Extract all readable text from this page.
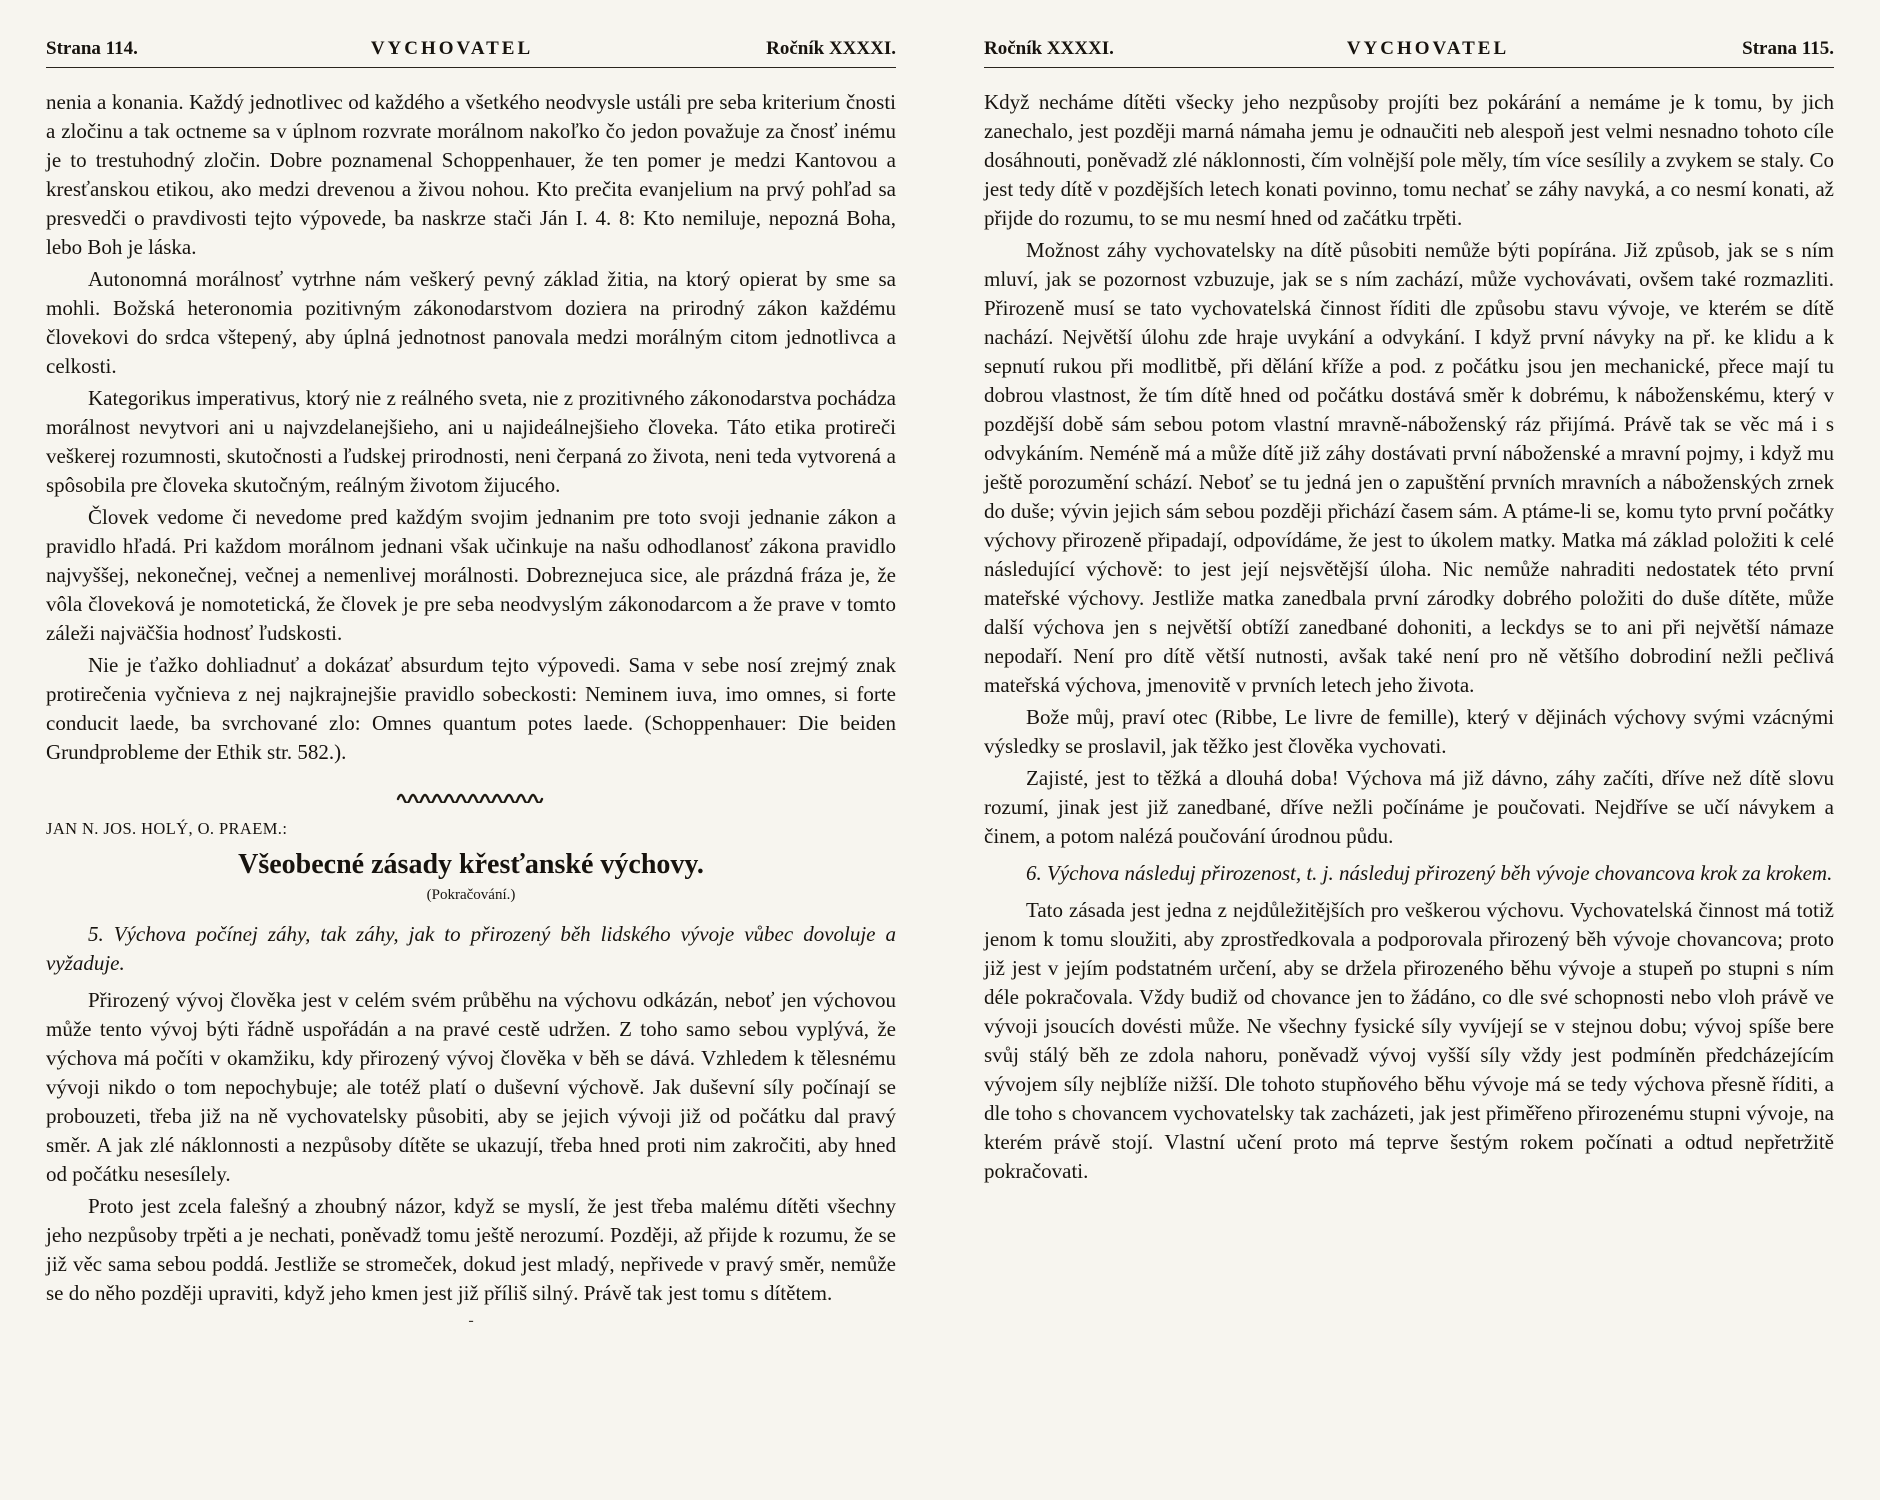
Strana 114.	VYCHOVATEL	Ročník XXXXI.

nenia a konania. Každý jednotlivec od každého a všetkého neodvysle ustáli pre seba kriterium čnosti a zločinu a tak octneme sa v úplnom rozvrate morálnom nakoľko čo jedon považuje za čnosť inému je to trestuhodný zločin. Dobre poznamenal Schoppenhauer, že ten pomer je medzi Kantovou a kresťanskou etikou, ako medzi drevenou a živou nohou. Kto prečita evanjelium na prvý pohľad sa presvedči o pravdivosti tejto výpovede, ba naskrze stači Ján I. 4. 8: Kto nemiluje, nepozná Boha, lebo Boh je láska.

Autonomná morálnosť vytrhne nám veškerý pevný základ žitia, na ktorý opierat by sme sa mohli. Božská heteronomia pozitivným zákonodarstvom doziera na prirodný zákon každému človekovi do srdca vštepený, aby úplná jednotnost panovala medzi morálným citom jednotlivca a celkosti.

Kategorikus imperativus, ktorý nie z reálného sveta, nie z prozitivného zákonodarstva pochádza morálnost nevytvori ani u najvzdelanejšieho, ani u najideálnejšieho človeka. Táto etika protireči veškerej rozumnosti, skutočnosti a ľudskej prirodnosti, neni čerpaná zo života, neni teda vytvorená a spôsobila pre človeka skutočným, reálným životom žijucého.

Človek vedome či nevedome pred každým svojim jednanim pre toto svoji jednanie zákon a pravidlo hľadá. Pri každom morálnom jednani však učinkuje na našu odhodlanosť zákona pravidlo najvyššej, nekonečnej, večnej a nemenlivej morálnosti. Dobreznejuca sice, ale prázdná fráza je, že vôla človeková je nomotetická, že človek je pre seba neodvyslým zákonodarcom a že prave v tomto záleži najväčšia hodnosť ľudskosti.

Nie je ťažko dohliadnuť a dokázať absurdum tejto výpovedi. Sama v sebe nosí zrejmý znak protirečenia vyčnieva z nej najkrajnejšie pravidlo sobeckosti: Neminem iuva, imo omnes, si forte conducit laede, ba svrchované zlo: Omnes quantum potes laede. (Schoppenhauer: Die beiden Grundprobleme der Ethik str. 582.).

JAN N. JOS. HOLÝ, O. PRAEM.:
Všeobecné zásady křesťanské výchovy.
(Pokračování.)

5. Výchova počínej záhy, tak záhy, jak to přirozený běh lidského vývoje vůbec dovoluje a vyžaduje.

Přirozený vývoj člověka jest v celém svém průběhu na výchovu odkázán, neboť jen výchovou může tento vývoj býti řádně uspořádán a na pravé cestě udržen. Z toho samo sebou vyplývá, že výchova má počíti v okamžiku, kdy přirozený vývoj člověka v běh se dává. Vzhledem k tělesnému vývoji nikdo o tom nepochybuje; ale totéž platí o duševní výchově. Jak duševní síly počínají se probouzeti, třeba již na ně vychovatelsky působiti, aby se jejich vývoji již od počátku dal pravý směr. A jak zlé náklonnosti a nezpůsoby dítěte se ukazují, třeba hned proti nim zakročiti, aby hned od počátku nesesílely.

Proto jest zcela falešný a zhoubný názor, když se myslí, že jest třeba malému dítěti všechny jeho nezpůsoby trpěti a je nechati, poněvadž tomu ještě nerozumí. Později, až přijde k rozumu, že se již věc sama sebou poddá. Jestliže se stromeček, dokud jest mladý, nepřivede v pravý směr, nemůže se do něho později upraviti, když jeho kmen jest již příliš silný. Právě tak jest tomu s dítětem.

-
Ročník XXXXI.	VYCHOVATEL	Strana 115.

Když necháme dítěti všecky jeho nezpůsoby projíti bez pokárání a nemáme je k tomu, by jich zanechalo, jest později marná námaha jemu je odnaučiti neb alespoň jest velmi nesnadno tohoto cíle dosáhnouti, poněvadž zlé náklonnosti, čím volnější pole měly, tím více sesílily a zvykem se staly. Co jest tedy dítě v pozdějších letech konati povinno, tomu nechať se záhy navyká, a co nesmí konati, až přijde do rozumu, to se mu nesmí hned od začátku trpěti.

Možnost záhy vychovatelsky na dítě působiti nemůže býti popírána. Již způsob, jak se s ním mluví, jak se pozornost vzbuzuje, jak se s ním zachází, může vychovávati, ovšem také rozmazliti. Přirozeně musí se tato vychovatelská činnost říditi dle způsobu stavu vývoje, ve kterém se dítě nachází. Největší úlohu zde hraje uvykání a odvykání. I když první návyky na př. ke klidu a k sepnutí rukou při modlitbě, při dělání kříže a pod. z počátku jsou jen mechanické, přece mají tu dobrou vlastnost, že tím dítě hned od počátku dostává směr k dobrému, k náboženskému, který v pozdější době sám sebou potom vlastní mravně-náboženský ráz přijímá. Právě tak se věc má i s odvykáním. Neméně má a může dítě již záhy dostávati první náboženské a mravní pojmy, i když mu ještě porozumění schází. Neboť se tu jedná jen o zapuštění prvních mravních a náboženských zrnek do duše; vývin jejich sám sebou později přichází časem sám. A ptáme-li se, komu tyto první počátky výchovy přirozeně připadají, odpovídáme, že jest to úkolem matky. Matka má základ položiti k celé následující výchově: to jest její nejsvětější úloha. Nic nemůže nahraditi nedostatek této první mateřské výchovy. Jestliže matka zanedbala první zárodky dobrého položiti do duše dítěte, může další výchova jen s největší obtíží zanedbané dohoniti, a leckdys se to ani při největší námaze nepodaří. Není pro dítě větší nutnosti, avšak také není pro ně většího dobrodiní nežli pečlivá mateřská výchova, jmenovitě v prvních letech jeho života.

Bože můj, praví otec (Ribbe, Le livre de femille), který v dějinách výchovy svými vzácnými výsledky se proslavil, jak těžko jest člověka vychovati.

Zajisté, jest to těžká a dlouhá doba! Výchova má již dávno, záhy začíti, dříve než dítě slovu rozumí, jinak jest již zanedbané, dříve nežli počínáme je poučovati. Nejdříve se učí návykem a činem, a potom nalézá poučování úrodnou půdu.

6. Výchova následuj přirozenost, t. j. následuj přirozený běh vývoje chovancova krok za krokem.

Tato zásada jest jedna z nejdůležitějších pro veškerou výchovu. Vychovatelská činnost má totiž jenom k tomu sloužiti, aby zprostředkovala a podporovala přirozený běh vývoje chovancova; proto již jest v jejím podstatném určení, aby se držela přirozeného běhu vývoje a stupeň po stupni s ním déle pokračovala. Vždy budiž od chovance jen to žádáno, co dle své schopnosti nebo vloh právě ve vývoji jsoucích dovésti může. Ne všechny fysické síly vyvíjejí se v stejnou dobu; vývoj spíše bere svůj stálý běh ze zdola nahoru, poněvadž vývoj vyšší síly vždy jest podmíněn předcházejícím vývojem síly nejblíže nižší. Dle tohoto stupňového běhu vývoje má se tedy výchova přesně říditi, a dle toho s chovancem vychovatelsky tak zacházeti, jak jest přiměřeno přirozenému stupni vývoje, na kterém právě stojí. Vlastní učení proto má teprve šestým rokem počínati a odtud nepřetržitě pokračovati.
